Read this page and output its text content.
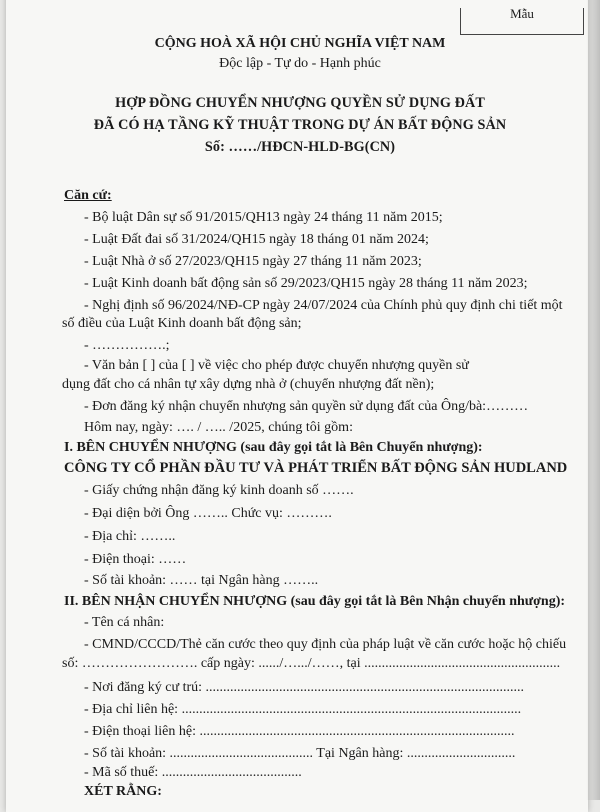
Mẫu
CỘNG HOÀ XÃ HỘI CHỦ NGHĨA VIỆT NAM
Độc lập - Tự do - Hạnh phúc
HỢP ĐỒNG CHUYỂN NHƯỢNG QUYỀN SỬ DỤNG ĐẤT
ĐÃ CÓ HẠ TẦNG KỸ THUẬT TRONG DỰ ÁN BẤT ĐỘNG SẢN
Số: ……/HĐCN-HLD-BG(CN)
Căn cứ:
- Bộ luật Dân sự số 91/2015/QH13 ngày 24 tháng 11 năm 2015;
- Luật Đất đai số 31/2024/QH15 ngày 18 tháng 01 năm 2024;
- Luật Nhà ở số 27/2023/QH15 ngày 27 tháng 11 năm 2023;
- Luật Kinh doanh bất động sản số 29/2023/QH15 ngày 28 tháng 11 năm 2023;
- Nghị định số 96/2024/NĐ-CP ngày 24/07/2024 của Chính phủ quy định chi tiết một
số điều của Luật Kinh doanh bất động sản;
- …………….;
- Văn bản [ ] của [ ] về việc cho phép được chuyển nhượng quyền sử
dụng đất cho cá nhân tự xây dựng nhà ở (chuyển nhượng đất nền);
- Đơn đăng ký nhận chuyển nhượng sản quyền sử dụng đất của Ông/bà:………
Hôm nay, ngày: …. / ….. /2025, chúng tôi gồm:
I. BÊN CHUYỂN NHƯỢNG (sau đây gọi tắt là Bên Chuyển nhượng):
CÔNG TY CỔ PHẦN ĐẦU TƯ VÀ PHÁT TRIỂN BẤT ĐỘNG SẢN HUDLAND
- Giấy chứng nhận đăng ký kinh doanh số …….
- Đại diện bởi Ông …….. Chức vụ: ……….
- Địa chỉ: ……..
- Điện thoại: ……
- Số tài khoản: …… tại Ngân hàng ……..
II. BÊN NHẬN CHUYỂN NHƯỢNG (sau đây gọi tắt là Bên Nhận chuyển nhượng):
- Tên cá nhân:
- CMND/CCCD/Thẻ căn cước theo quy định của pháp luật về căn cước hoặc hộ chiếu
số: ……………………. cấp ngày: ....../….../……, tại ........................................................
- Nơi đăng ký cư trú: ...........................................................................................
- Địa chỉ liên hệ: .................................................................................................
- Điện thoại liên hệ: ..........................................................................................
- Số tài khoản: ......................................... Tại Ngân hàng: ...............................
- Mã số thuế: ........................................
XÉT RẰNG:
